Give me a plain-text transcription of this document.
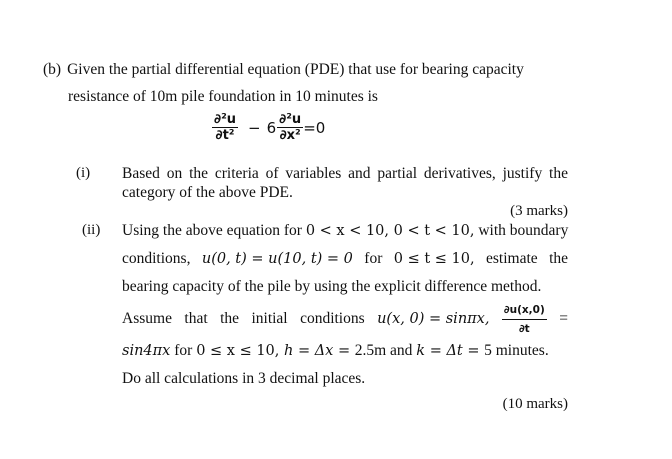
(b) Given the partial differential equation (PDE) that use for bearing capacity
resistance of 10m pile foundation in 10 minutes is
$\frac{\text{∂²u}}{\text{∂t²}} - 6 \frac{\text{∂²u}}{\text{∂x²}} =0$
(i) Based on the criteria of variables and partial derivatives, justify the
category of the above PDE.
(3 marks)
(ii) Using the above equation for 0 < x < 10, 0 < t < 10, with boundary
conditions, u(0, t) = u(10, t) = 0 for 0 ≤ t ≤ 10, estimate the
bearing capacity of the pile by using the explicit difference method.
Assume that the initial conditions u(x, 0) = sinπx, $\frac{\partial u(x,0)}{\partial t}$ =
sin4πx for 0 ≤ x ≤ 10, h = Δx = 2.5m and k = Δt = 5 minutes.
Do all calculations in 3 decimal places.
(10 marks)
